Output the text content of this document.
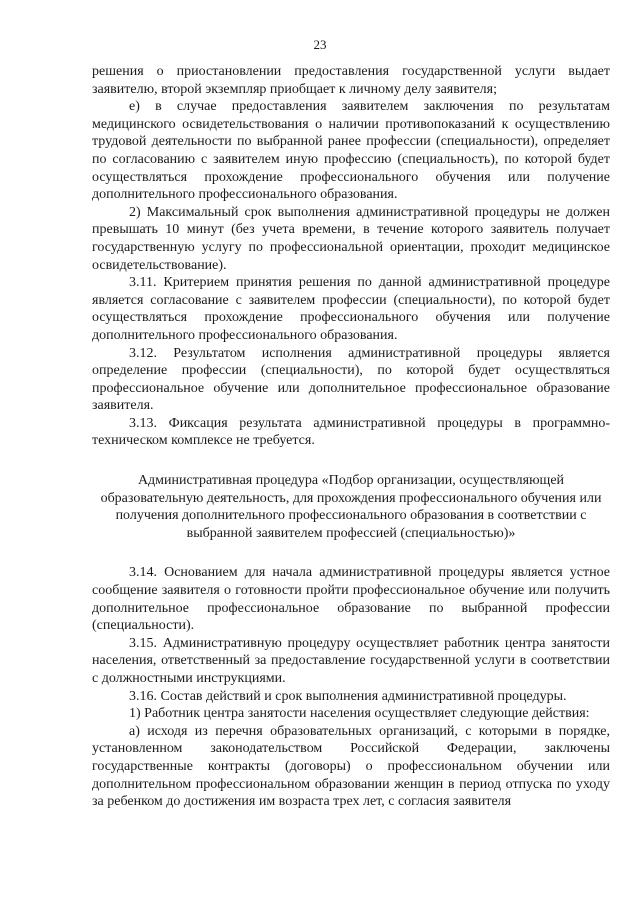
23

решения о приостановлении предоставления государственной услуги выдает заявителю, второй экземпляр приобщает к личному делу заявителя;

е) в случае предоставления заявителем заключения по результатам медицинского освидетельствования о наличии противопоказаний к осуществлению трудовой деятельности по выбранной ранее профессии (специальности), определяет по согласованию с заявителем иную профессию (специальность), по которой будет осуществляться прохождение профессионального обучения или получение дополнительного профессионального образования.

2) Максимальный срок выполнения административной процедуры не должен превышать 10 минут (без учета времени, в течение которого заявитель получает государственную услугу по профессиональной ориентации, проходит медицинское освидетельствование).

3.11. Критерием принятия решения по данной административной процедуре является согласование с заявителем профессии (специальности), по которой будет осуществляться прохождение профессионального обучения или получение дополнительного профессионального образования.

3.12. Результатом исполнения административной процедуры является определение профессии (специальности), по которой будет осуществляться профессиональное обучение или дополнительное профессиональное образование заявителя.

3.13. Фиксация результата административной процедуры в программно-техническом комплексе не требуется.

Административная процедура «Подбор организации, осуществляющей образовательную деятельность, для прохождения профессионального обучения или получения дополнительного профессионального образования в соответствии с выбранной заявителем профессией (специальностью)»

3.14. Основанием для начала административной процедуры является устное сообщение заявителя о готовности пройти профессиональное обучение или получить дополнительное профессиональное образование по выбранной профессии (специальности).

3.15. Административную процедуру осуществляет работник центра занятости населения, ответственный за предоставление государственной услуги в соответствии с должностными инструкциями.

3.16. Состав действий и срок выполнения административной процедуры.

1) Работник центра занятости населения осуществляет следующие действия:

а) исходя из перечня образовательных организаций, с которыми в порядке, установленном законодательством Российской Федерации, заключены государственные контракты (договоры) о профессиональном обучении или дополнительном профессиональном образовании женщин в период отпуска по уходу за ребенком до достижения им возраста трех лет, с согласия заявителя
